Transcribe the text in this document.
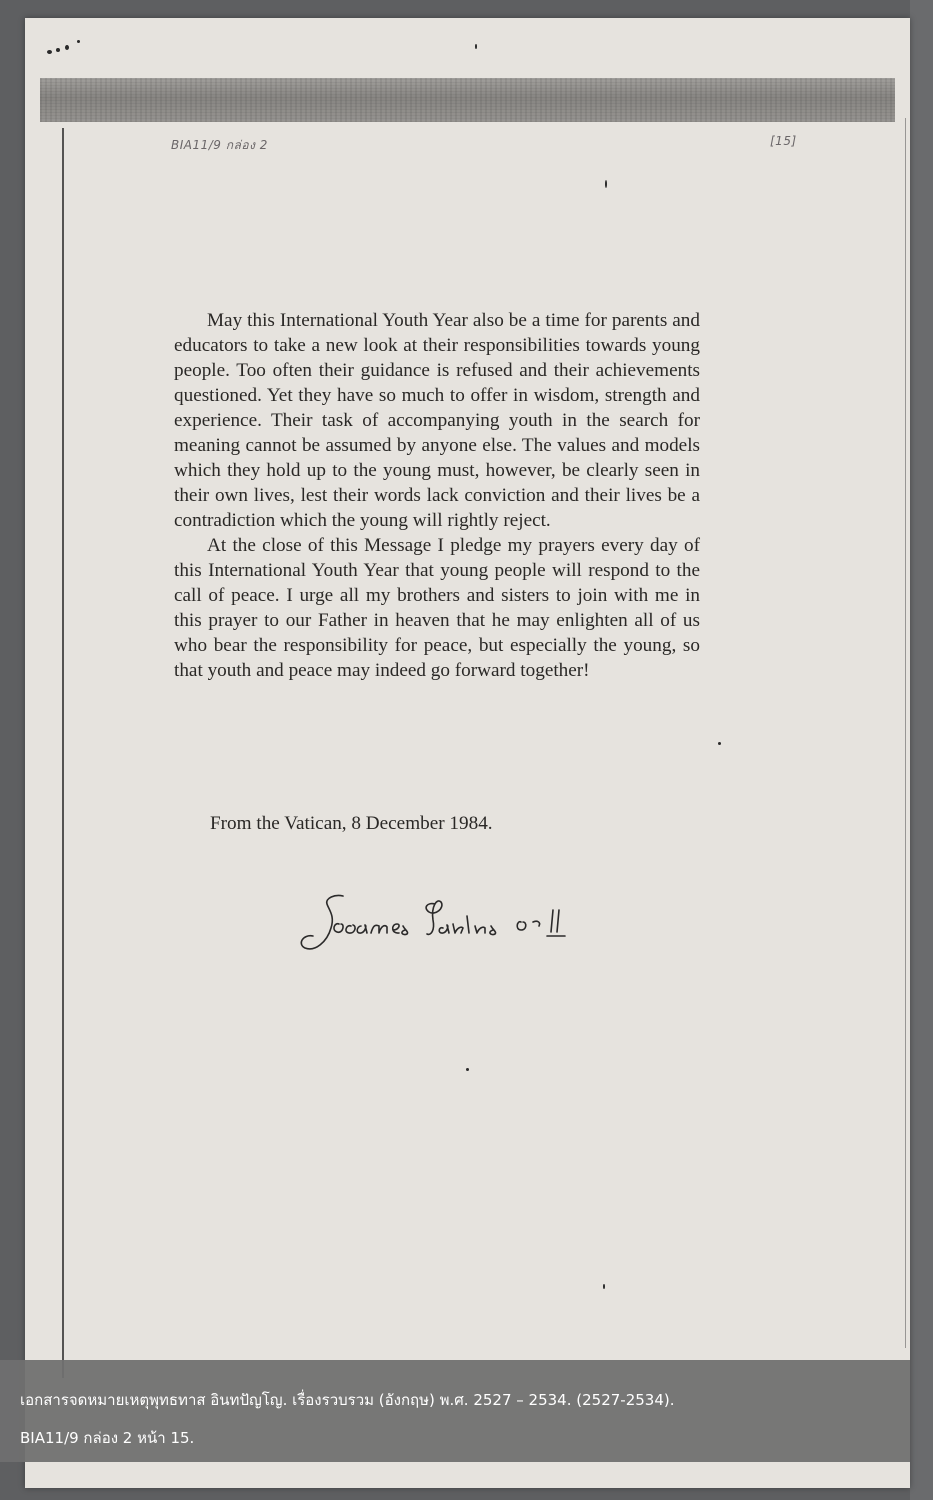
BIA11/9 กล่อง 2	[15]

May this International Youth Year also be a time for parents and educators to take a new look at their responsibilities towards young people. Too often their guidance is refused and their achievements questioned. Yet they have so much to offer in wisdom, strength and experience. Their task of accompanying youth in the search for meaning cannot be assumed by anyone else. The values and models which they hold up to the young must, however, be clearly seen in their own lives, lest their words lack conviction and their lives be a contradiction which the young will rightly reject.

At the close of this Message I pledge my prayers every day of this International Youth Year that young people will respond to the call of peace. I urge all my brothers and sisters to join with me in this prayer to our Father in heaven that he may enlighten all of us who bear the responsibility for peace, but especially the young, so that youth and peace may indeed go forward together!

From the Vatican, 8 December 1984.
เอกสารจดหมายเหตุพุทธทาส อินทปัญโญ. เรื่องรวบรวม (อังกฤษ) พ.ศ. 2527 – 2534. (2527-2534).
BIA11/9 กล่อง 2 หน้า 15.
